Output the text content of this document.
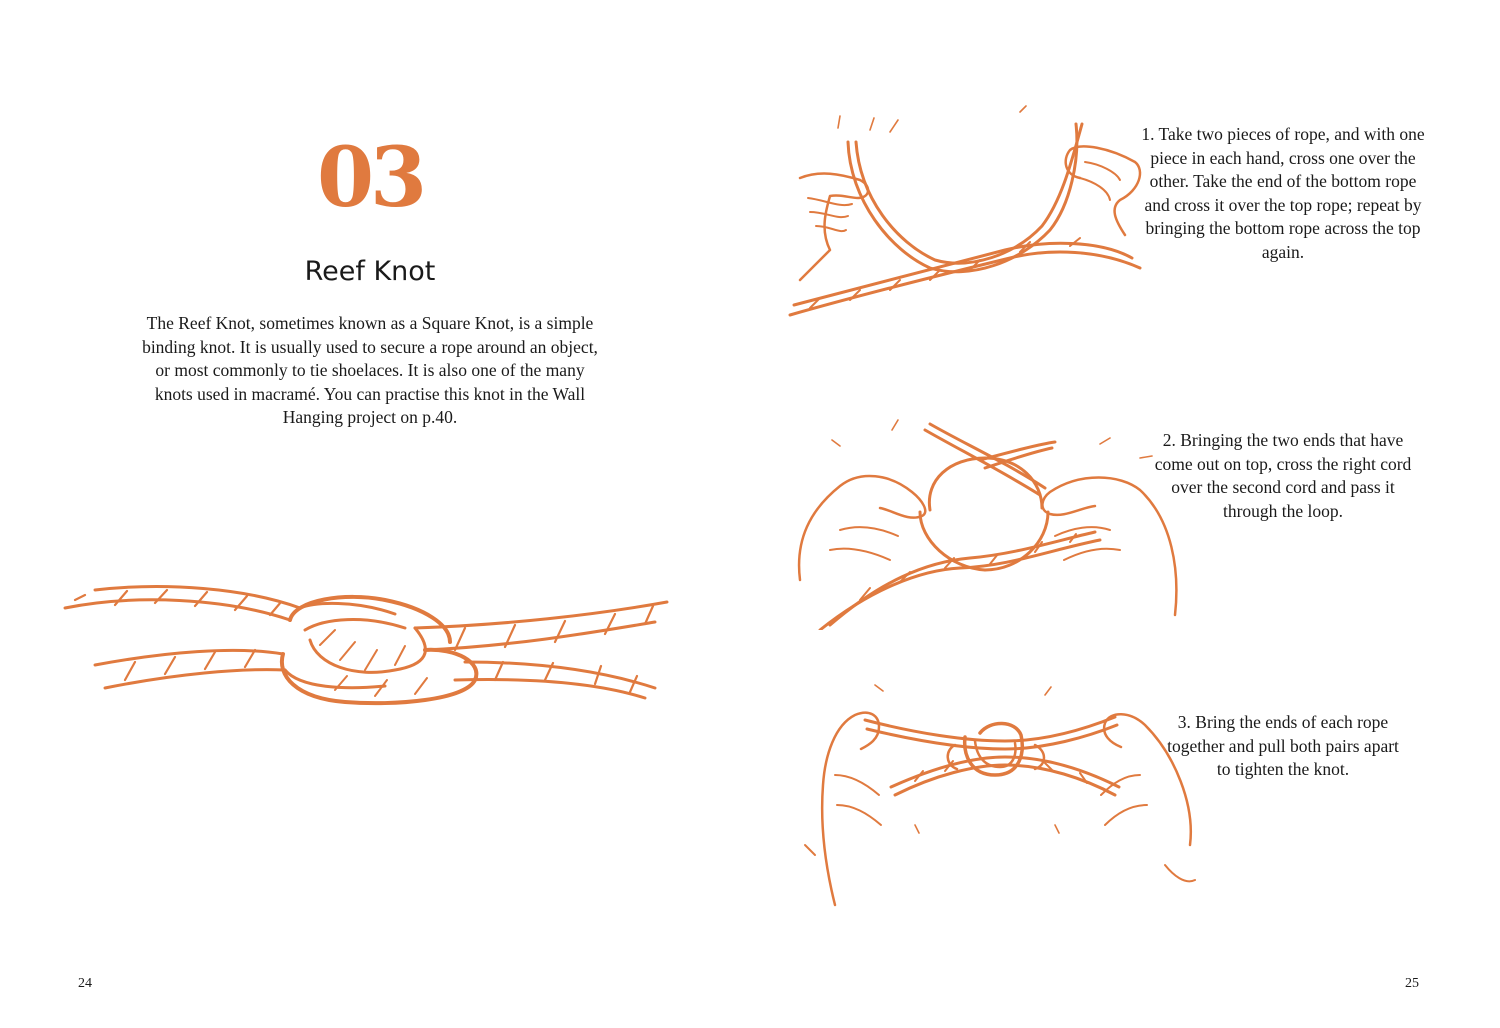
03
Reef Knot

The Reef Knot, sometimes known as a Square Knot, is a simple binding knot. It is usually used to secure a rope around an object, or most commonly to tie shoelaces. It is also one of the many knots used in macramé. You can practise this knot in the Wall Hanging project on p.40.

24

1. Take two pieces of rope, and with one piece in each hand, cross one over the other. Take the end of the bottom rope and cross it over the top rope; repeat by bringing the bottom rope across the top again.

2. Bringing the two ends that have come out on top, cross the right cord over the second cord and pass it through the loop.

3. Bring the ends of each rope together and pull both pairs apart to tighten the knot.

25
